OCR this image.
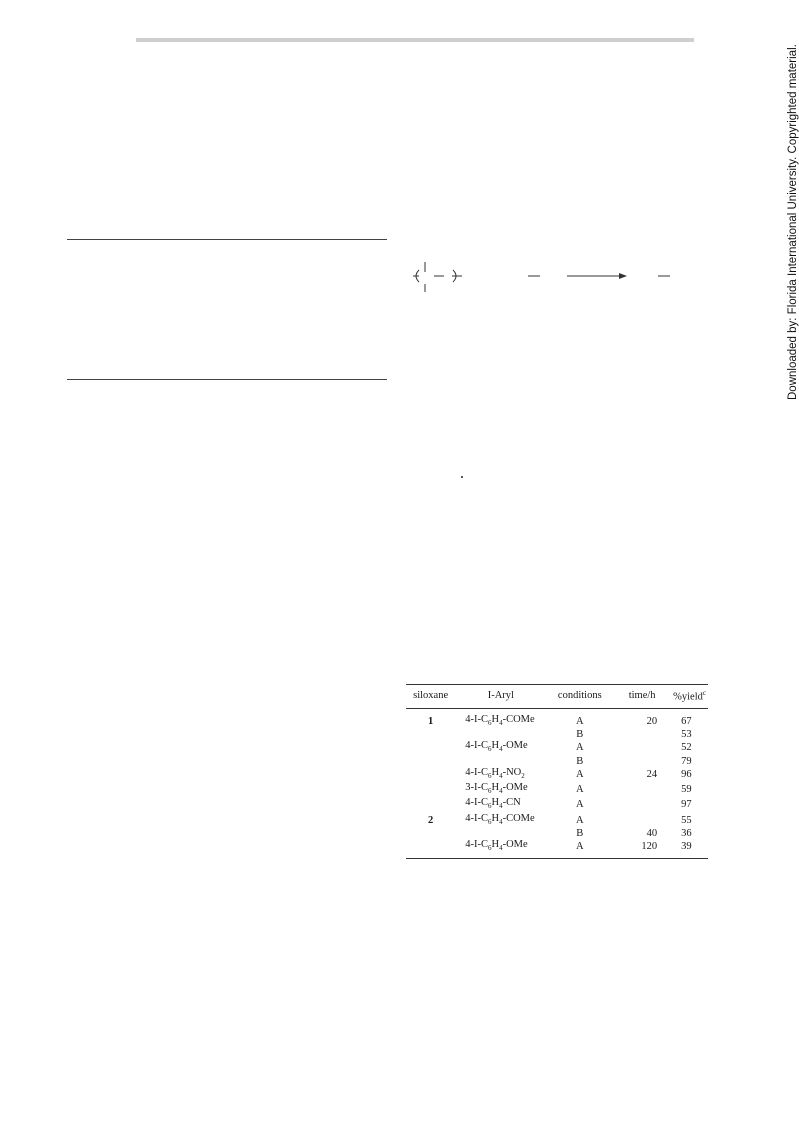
Downloaded by: Florida International University. Copyrighted material.
siloxane	I-Aryl	conditions	time/h	%yield$^c$
1	$4-I-C_6H_4$-COMe	A	20	67
		B		53
	$4-I-C_6H_4$-OMe	A		52
		B		79
	$4-I-C_6H_4-NO_2$	A	24	96
	$3-I-C_6H_4$-OMe	A		59
	$4-I-C_6H_4-CN$	A		97
2	$4-I-C_6H_4$-COMe	A		55
		B	40	36
	$4-I-C_6H_4$-OMe	A	120	39
